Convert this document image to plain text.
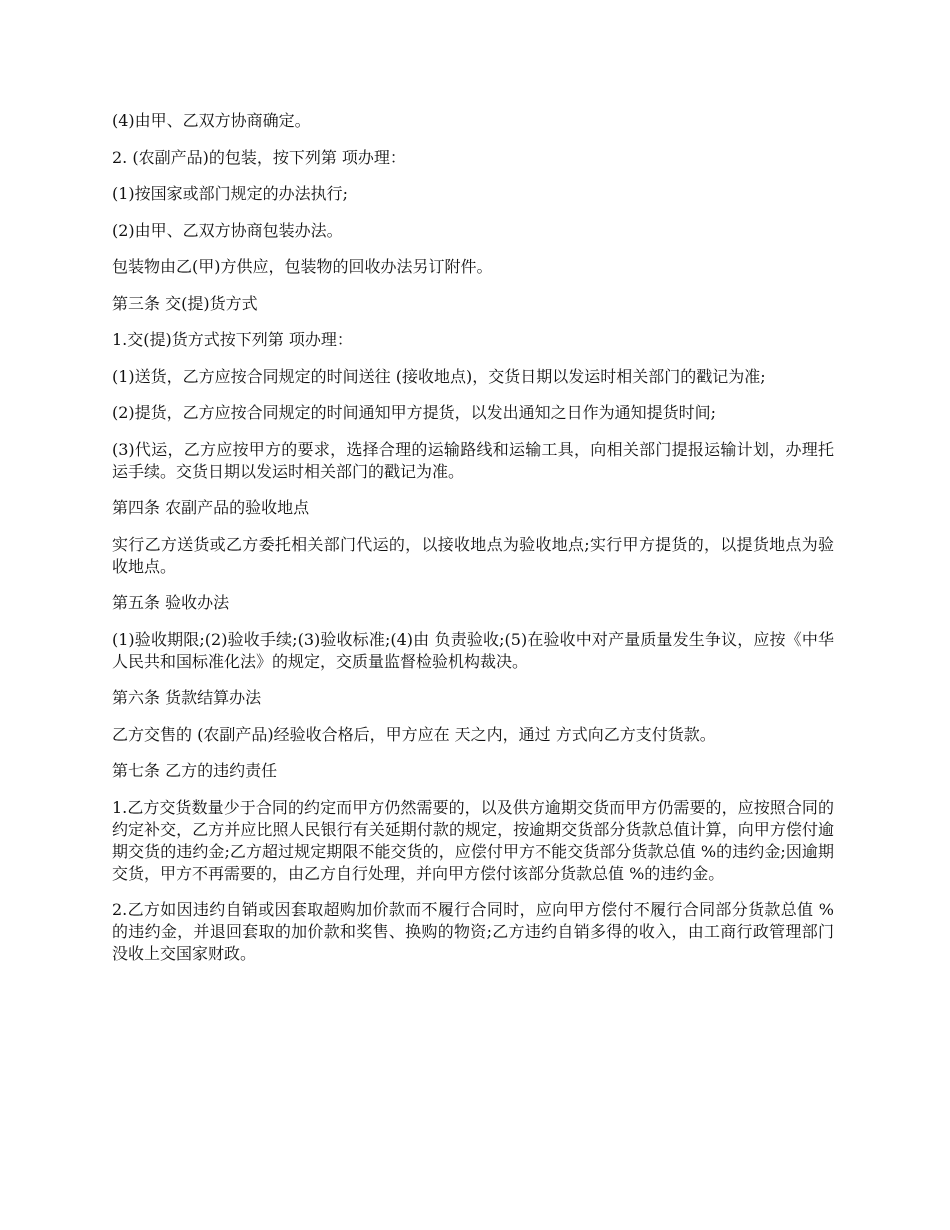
(4)由甲、乙双方协商确定。

2. (农副产品)的包装，按下列第 项办理：

(1)按国家或部门规定的办法执行;

(2)由甲、乙双方协商包装办法。

包装物由乙(甲)方供应，包装物的回收办法另订附件。

第三条 交(提)货方式

1.交(提)货方式按下列第 项办理：

(1)送货，乙方应按合同规定的时间送往 (接收地点)，交货日期以发运时相关部门的戳记为准;

(2)提货，乙方应按合同规定的时间通知甲方提货，以发出通知之日作为通知提货时间;

(3)代运，乙方应按甲方的要求，选择合理的运输路线和运输工具，向相关部门提报运输计划，办理托运手续。交货日期以发运时相关部门的戳记为准。

第四条 农副产品的验收地点

实行乙方送货或乙方委托相关部门代运的，以接收地点为验收地点;实行甲方提货的，以提货地点为验收地点。

第五条 验收办法

(1)验收期限;(2)验收手续;(3)验收标准;(4)由 负责验收;(5)在验收中对产量质量发生争议，应按《中华人民共和国标准化法》的规定，交质量监督检验机构裁决。

第六条 货款结算办法

乙方交售的 (农副产品)经验收合格后，甲方应在 天之内，通过 方式向乙方支付货款。

第七条 乙方的违约责任

1.乙方交货数量少于合同的约定而甲方仍然需要的，以及供方逾期交货而甲方仍需要的，应按照合同的约定补交，乙方并应比照人民银行有关延期付款的规定，按逾期交货部分货款总值计算，向甲方偿付逾期交货的违约金;乙方超过规定期限不能交货的，应偿付甲方不能交货部分货款总值 %的违约金;因逾期交货，甲方不再需要的，由乙方自行处理，并向甲方偿付该部分货款总值 %的违约金。

2.乙方如因违约自销或因套取超购加价款而不履行合同时，应向甲方偿付不履行合同部分货款总值 %的违约金，并退回套取的加价款和奖售、换购的物资;乙方违约自销多得的收入，由工商行政管理部门没收上交国家财政。
